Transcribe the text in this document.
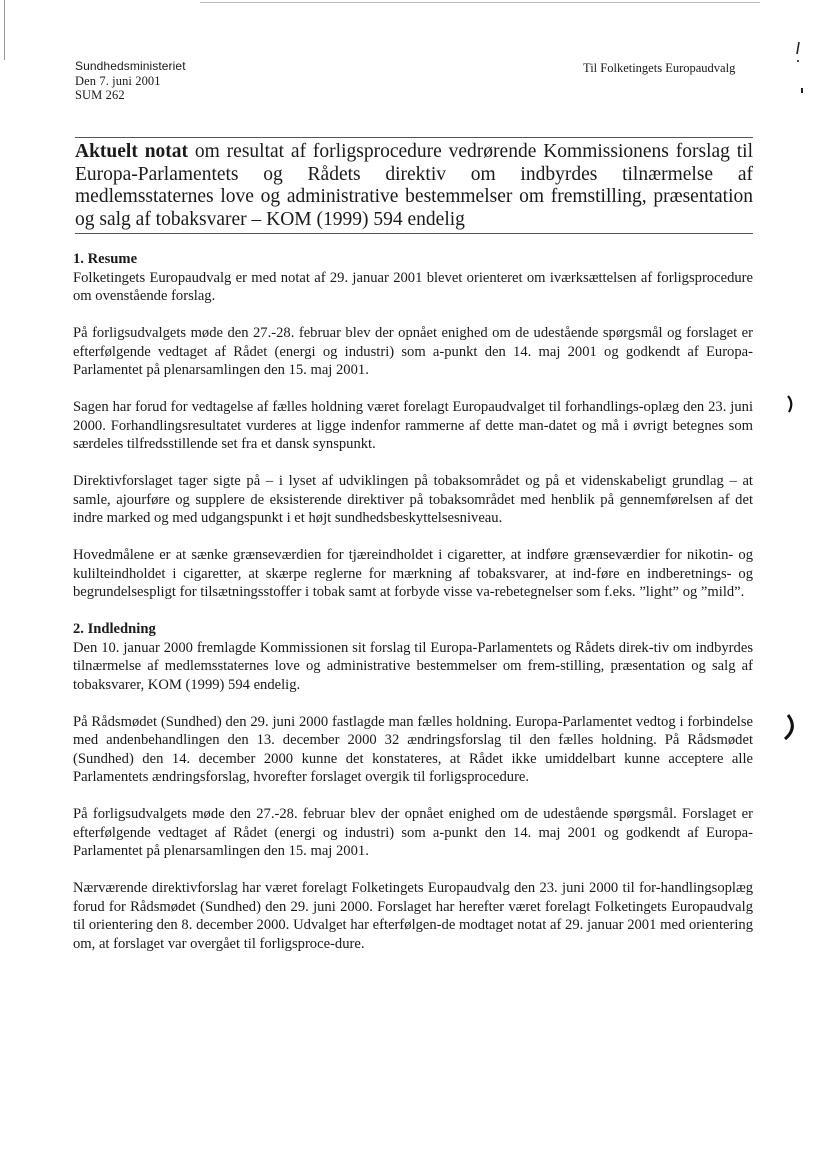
Sundhedsministeriet
Den 7. juni 2001
SUM 262
Til Folketingets Europaudvalg
Aktuelt notat om resultat af forligsprocedure vedrørende Kommissionens forslag til
Europa-Parlamentets og Rådets direktiv om indbyrdes tilnærmelse af
medlemsstaternes love og administrative bestemmelser om fremstilling, præsentation
og salg af tobaksvarer – KOM (1999) 594 endelig
1. Resume

Folketingets Europaudvalg er med notat af 29. januar 2001 blevet orienteret om iværksættelsen af forligsprocedure om ovenstående forslag.

På forligsudvalgets møde den 27.-28. februar blev der opnået enighed om de udestående spørgsmål og forslaget er efterfølgende vedtaget af Rådet (energi og industri) som a-punkt den 14. maj 2001 og godkendt af Europa-Parlamentet på plenarsamlingen den 15. maj 2001.

Sagen har forud for vedtagelse af fælles holdning været forelagt Europaudvalget til forhandlings-oplæg den 23. juni 2000. Forhandlingsresultatet vurderes at ligge indenfor rammerne af dette man-datet og må i øvrigt betegnes som særdeles tilfredsstillende set fra et dansk synspunkt.

Direktivforslaget tager sigte på – i lyset af udviklingen på tobaksområdet og på et videnskabeligt grundlag – at samle, ajourføre og supplere de eksisterende direktiver på tobaksområdet med henblik på gennemførelsen af det indre marked og med udgangspunkt i et højt sundhedsbeskyttelsesniveau.

Hovedmålene er at sænke grænseværdien for tjæreindholdet i cigaretter, at indføre grænseværdier for nikotin- og kulilteindholdet i cigaretter, at skærpe reglerne for mærkning af tobaksvarer, at ind-føre en indberetnings- og begrundelsespligt for tilsætningsstoffer i tobak samt at forbyde visse va-rebetegnelser som f.eks. ”light” og ”mild”.

2. Indledning

Den 10. januar 2000 fremlagde Kommissionen sit forslag til Europa-Parlamentets og Rådets direk-tiv om indbyrdes tilnærmelse af medlemsstaternes love og administrative bestemmelser om frem-stilling, præsentation og salg af tobaksvarer, KOM (1999) 594 endelig.

På Rådsmødet (Sundhed) den 29. juni 2000 fastlagde man fælles holdning. Europa-Parlamentet vedtog i forbindelse med andenbehandlingen den 13. december 2000 32 ændringsforslag til den fælles holdning. På Rådsmødet (Sundhed) den 14. december 2000 kunne det konstateres, at Rådet ikke umiddelbart kunne acceptere alle Parlamentets ændringsforslag, hvorefter forslaget overgik til forligsprocedure.

På forligsudvalgets møde den 27.-28. februar blev der opnået enighed om de udestående spørgsmål. Forslaget er efterfølgende vedtaget af Rådet (energi og industri) som a-punkt den 14. maj 2001 og godkendt af Europa-Parlamentet på plenarsamlingen den 15. maj 2001.

Nærværende direktivforslag har været forelagt Folketingets Europaudvalg den 23. juni 2000 til for-handlingsoplæg forud for Rådsmødet (Sundhed) den 29. juni 2000. Forslaget har herefter været forelagt Folketingets Europaudvalg til orientering den 8. december 2000. Udvalget har efterfølgen-de modtaget notat af 29. januar 2001 med orientering om, at forslaget var overgået til forligsproce-dure.
